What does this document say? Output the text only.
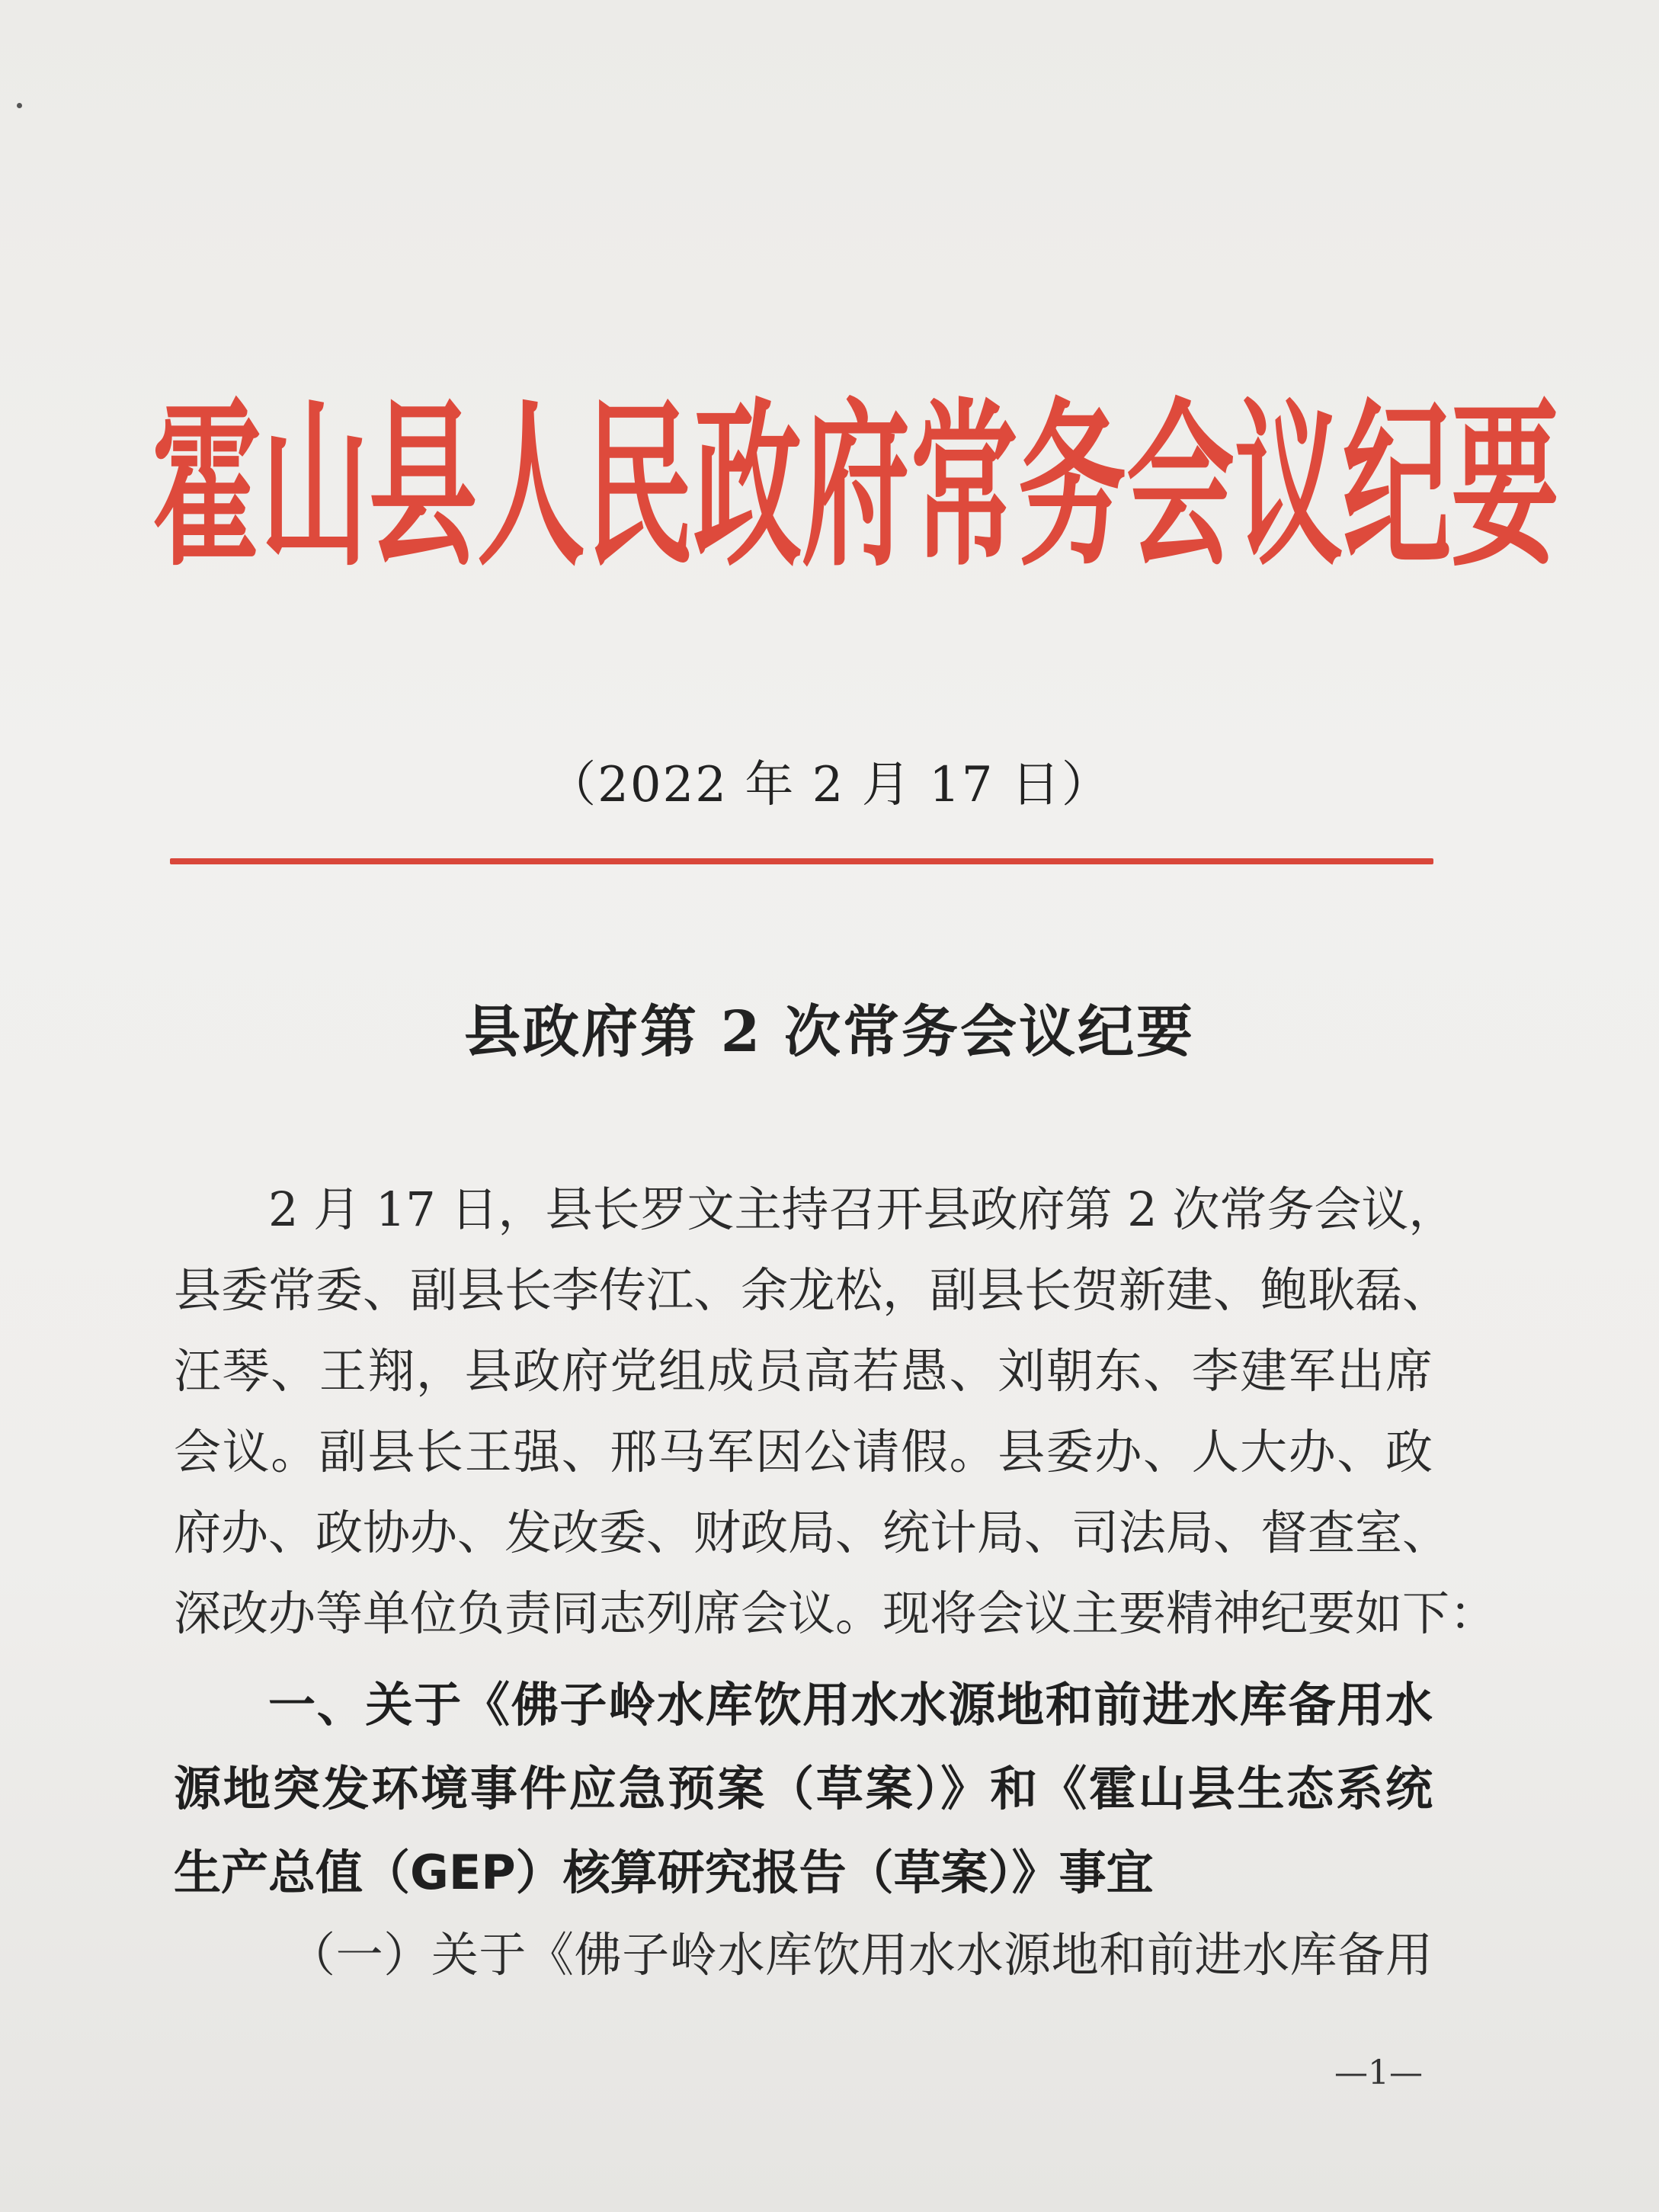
霍 山 县 人 民 政 府 常 务 会 议 纪 要
（2022 年 2 月 17 日）
县政府第 2 次常务会议纪要
2 月 17 日，县长罗文主持召开县政府第 2 次常务会议，
县委常委、副县长李传江、余龙松，副县长贺新建、鲍耿磊、
汪琴、王翔，县政府党组成员高若愚、刘朝东、李建军出席
会议。副县长王强、邢马军因公请假。县委办、人大办、政
府办、政协办、发改委、财政局、统计局、司法局、督查室、
深改办等单位负责同志列席会议。现将会议主要精神纪要如下：
一、关于《佛子岭水库饮用水水源地和前进水库备用水
源地突发环境事件应急预案（草案）》和《霍山县生态系统
生产总值（GEP）核算研究报告（草案）》事宜
（一）关于《佛子岭水库饮用水水源地和前进水库备用
—1—
